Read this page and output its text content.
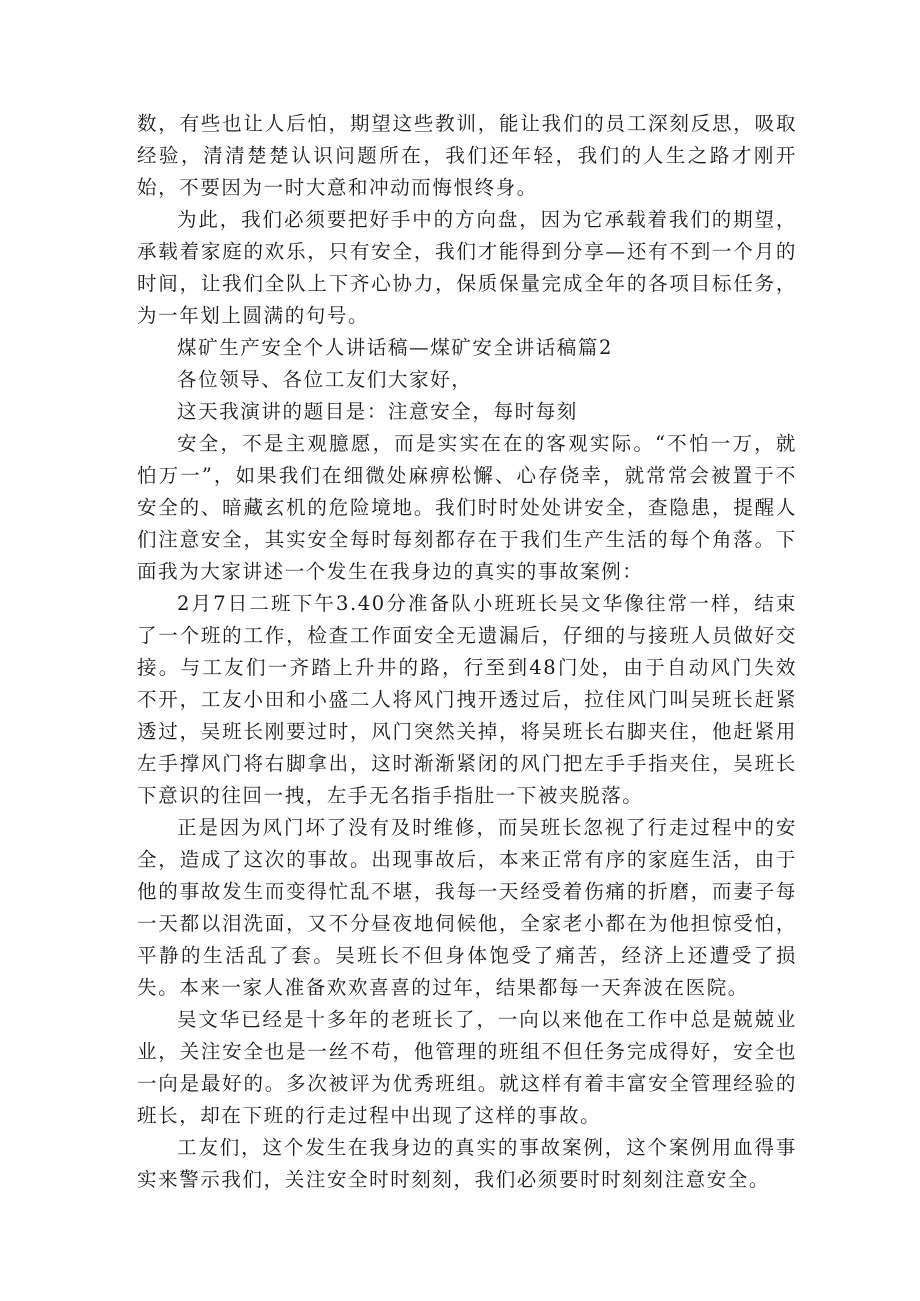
数，有些也让人后怕，期望这些教训，能让我们的员工深刻反思，吸取经验，清清楚楚认识问题所在，我们还年轻，我们的人生之路才刚开始，不要因为一时大意和冲动而悔恨终身。

为此，我们必须要把好手中的方向盘，因为它承载着我们的期望，承载着家庭的欢乐，只有安全，我们才能得到分享—还有不到一个月的时间，让我们全队上下齐心协力，保质保量完成全年的各项目标任务，为一年划上圆满的句号。

煤矿生产安全个人讲话稿—煤矿安全讲话稿篇2

各位领导、各位工友们大家好，

这天我演讲的题目是：注意安全，每时每刻

安全，不是主观臆愿，而是实实在在的客观实际。“不怕一万，就怕万一”，如果我们在细微处麻痹松懈、心存侥幸，就常常会被置于不安全的、暗藏玄机的危险境地。我们时时处处讲安全，查隐患，提醒人们注意安全，其实安全每时每刻都存在于我们生产生活的每个角落。下面我为大家讲述一个发生在我身边的真实的事故案例：

2月7日二班下午3.40分准备队小班班长吴文华像往常一样，结束了一个班的工作，检查工作面安全无遗漏后，仔细的与接班人员做好交接。与工友们一齐踏上升井的路，行至到48门处，由于自动风门失效不开，工友小田和小盛二人将风门拽开透过后，拉住风门叫吴班长赶紧透过，吴班长刚要过时，风门突然关掉，将吴班长右脚夹住，他赶紧用左手撑风门将右脚拿出，这时渐渐紧闭的风门把左手手指夹住，吴班长下意识的往回一拽，左手无名指手指肚一下被夹脱落。

正是因为风门坏了没有及时维修，而吴班长忽视了行走过程中的安全，造成了这次的事故。出现事故后，本来正常有序的家庭生活，由于他的事故发生而变得忙乱不堪，我每一天经受着伤痛的折磨，而妻子每一天都以泪洗面，又不分昼夜地伺候他，全家老小都在为他担惊受怕，平静的生活乱了套。吴班长不但身体饱受了痛苦，经济上还遭受了损失。本来一家人准备欢欢喜喜的过年，结果都每一天奔波在医院。

吴文华已经是十多年的老班长了，一向以来他在工作中总是兢兢业业，关注安全也是一丝不苟，他管理的班组不但任务完成得好，安全也一向是最好的。多次被评为优秀班组。就这样有着丰富安全管理经验的班长，却在下班的行走过程中出现了这样的事故。

工友们，这个发生在我身边的真实的事故案例，这个案例用血得事实来警示我们，关注安全时时刻刻，我们必须要时时刻刻注意安全。
